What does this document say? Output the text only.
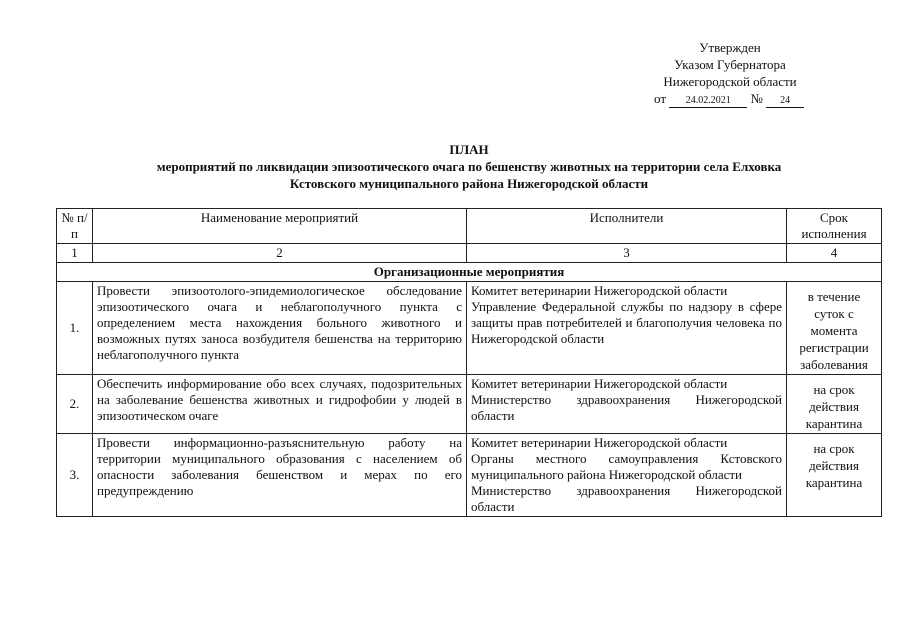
Утвержден
Указом Губернатора
Нижегородской области
от 24.02.2021 № 24
ПЛАН
мероприятий по ликвидации эпизоотического очага по бешенству животных на территории села Елховка
Кстовского муниципального района Нижегородской области
№ п/п	Наименование мероприятий	Исполнители	Срок исполнения
1	2	3	4
Организационные мероприятия			
1.	Провести эпизоотолого-эпидемиологическое обследование эпизоотического очага и неблагополучного пункта с определением места нахождения больного животного и возможных путях заноса возбудителя бешенства на территорию неблагополучного пункта	Комитет ветеринарии Нижегородской области
Управление Федеральной службы по надзору в сфере защиты прав потребителей и благополучия человека по Нижегородской области	в течение суток с момента регистрации заболевания
2.	Обеспечить информирование обо всех случаях, подозрительных на заболевание бешенства животных и гидрофобии у людей в эпизоотическом очаге	Комитет ветеринарии Нижегородской области
Министерство здравоохранения Нижегородской области	на срок действия карантина
3.	Провести информационно-разъяснительную работу на территории муниципального образования с населением об опасности заболевания бешенством и мерах по его предупреждению	Комитет ветеринарии Нижегородской области
Органы местного самоуправления Кстовского муниципального района Нижегородской области
Министерство здравоохранения Нижегородской области	на срок действия карантина
